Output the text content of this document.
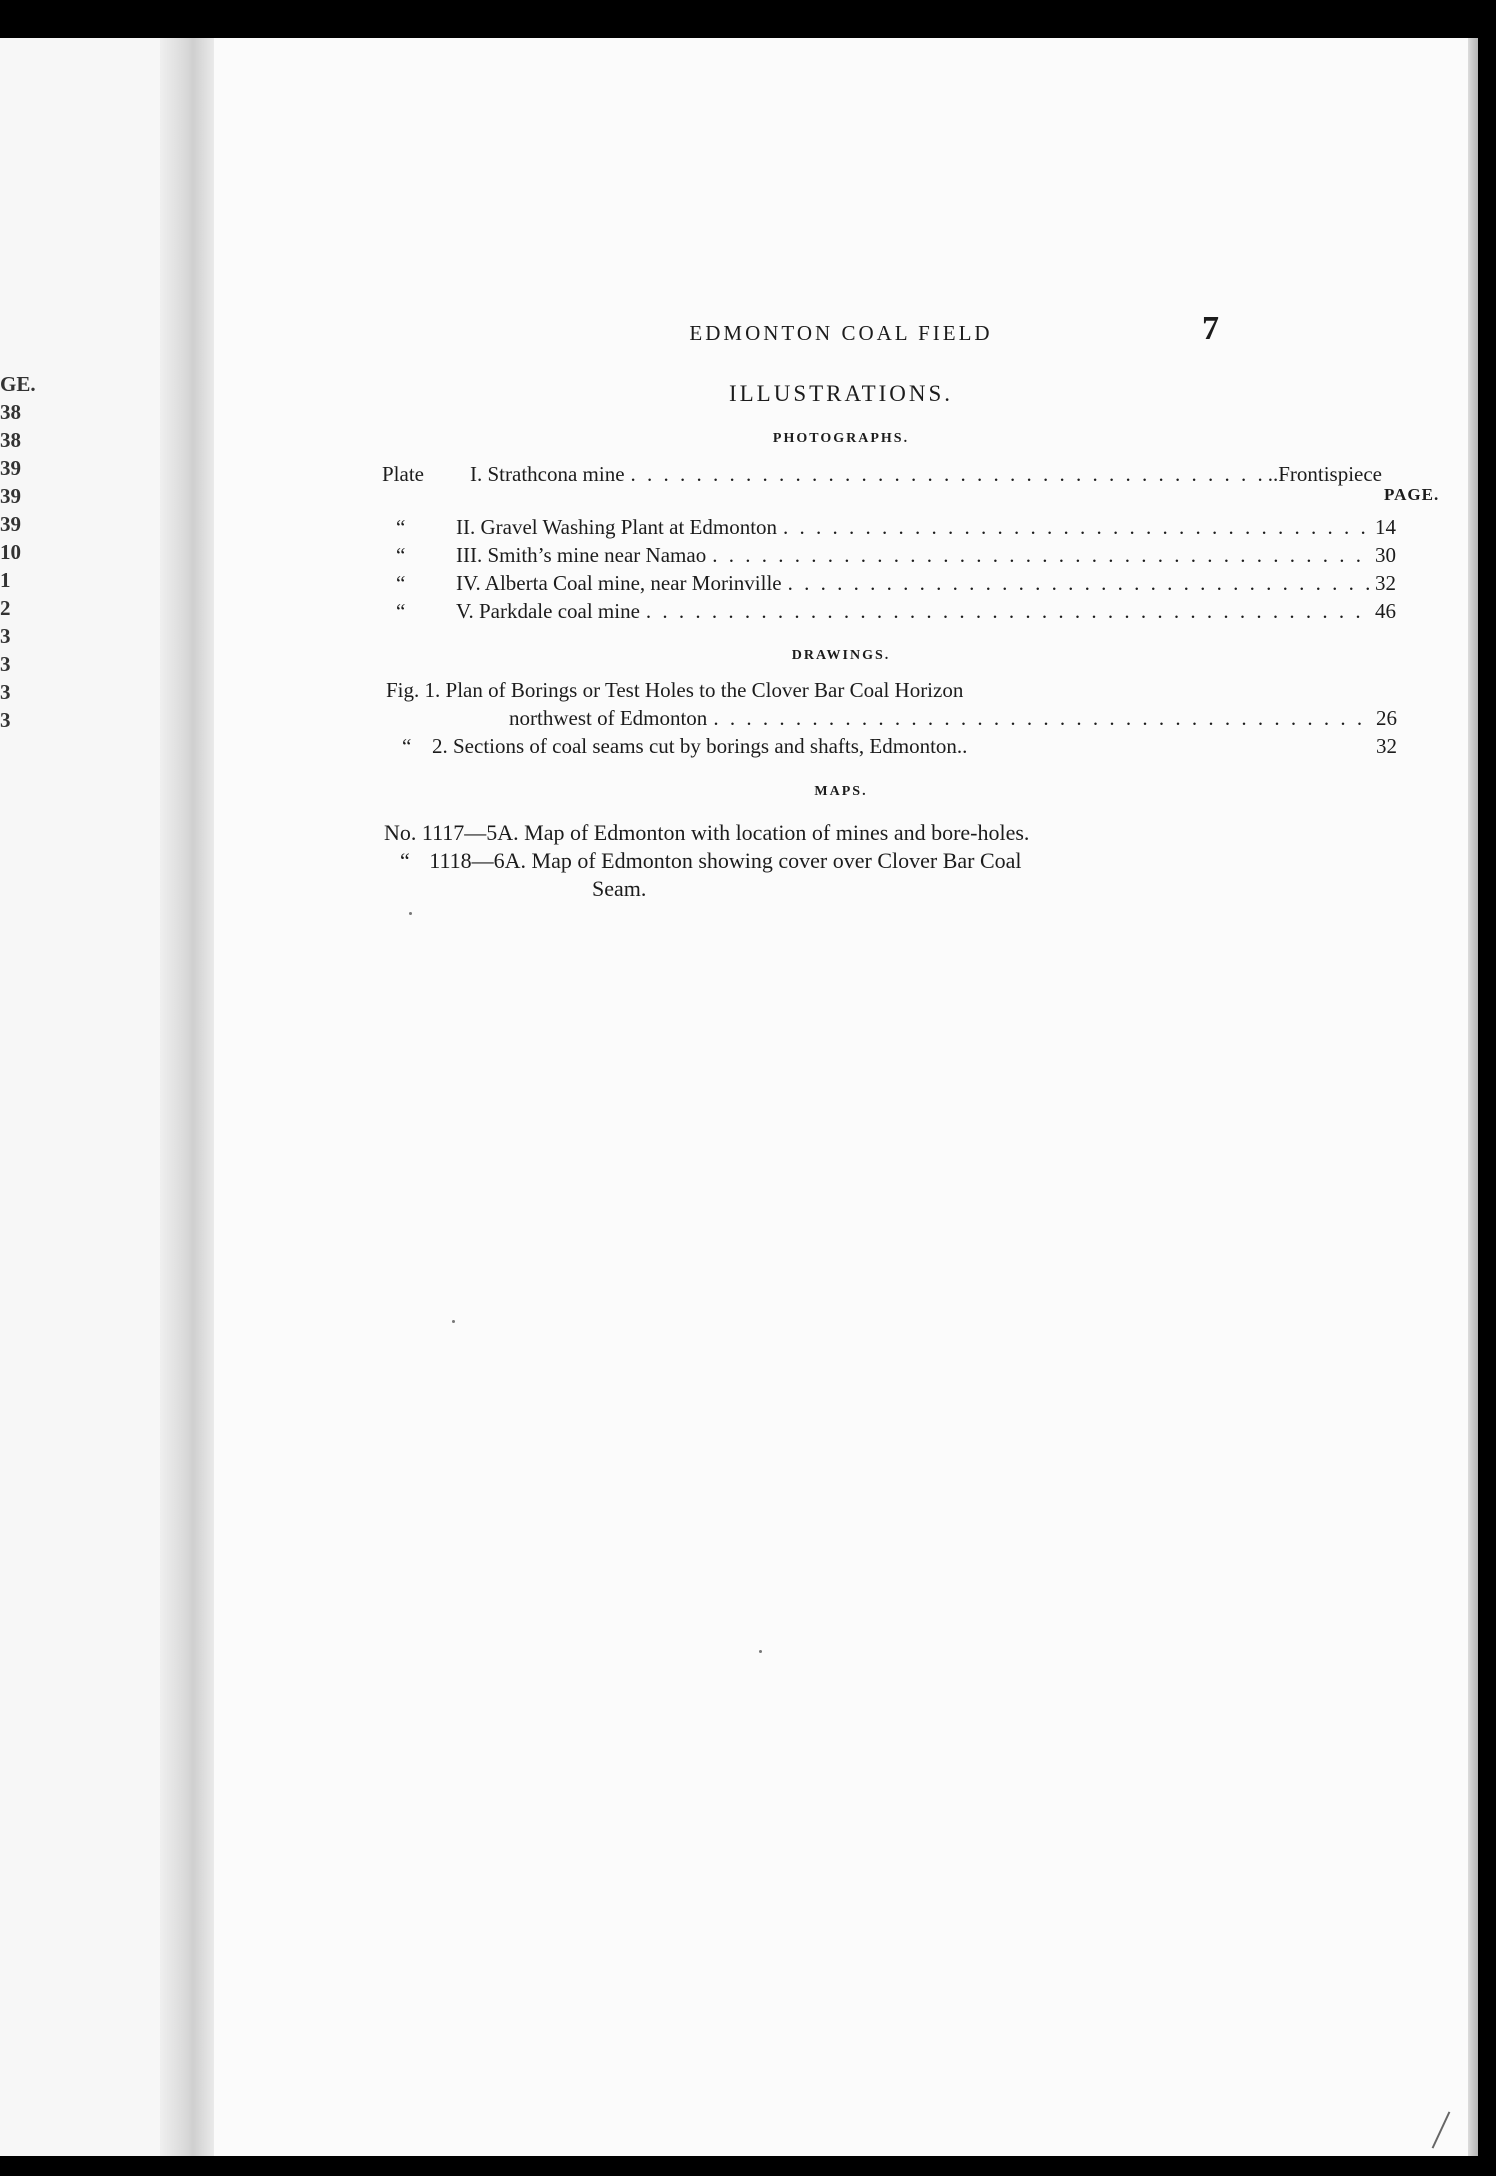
GE.
38
38
39
39
39
10
1
2
3
3
3
3
EDMONTON COAL FIELD	7
ILLUSTRATIONS.
PHOTOGRAPHS.
Plate	I. Strathcona mine . . .	..Frontispiece
PAGE.
“	II. Gravel Washing Plant at Edmonton . . .	14
“	III. Smith’s mine near Namao . . .	30
“	IV. Alberta Coal mine, near Morinville . . .	32
“	V. Parkdale coal mine . . .	46
DRAWINGS.
Fig. 1. Plan of Borings or Test Holes to the Clover Bar Coal Horizon
northwest of Edmonton . . .	26
“ 2. Sections of coal seams cut by borings and shafts, Edmonton..	32
MAPS.
No. 1117—5A. Map of Edmonton with location of mines and bore-holes.
“ 1118—6A. Map of Edmonton showing cover over Clover Bar Coal
Seam.
